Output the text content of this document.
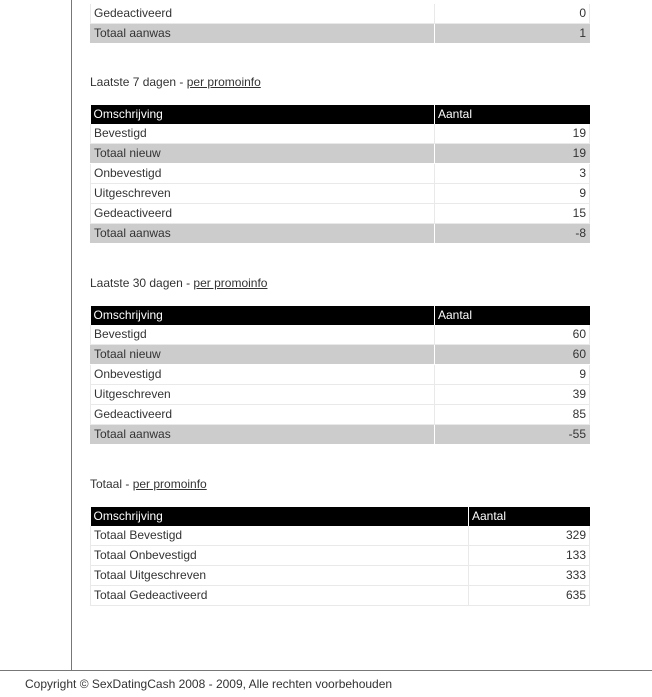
Gedeactiveerd	0
Totaal aanwas	1
Laatste 7 dagen - per promoinfo
Omschrijving	Aantal
Bevestigd	19
Totaal nieuw	19
Onbevestigd	3
Uitgeschreven	9
Gedeactiveerd	15
Totaal aanwas	-8
Laatste 30 dagen - per promoinfo
Omschrijving	Aantal
Bevestigd	60
Totaal nieuw	60
Onbevestigd	9
Uitgeschreven	39
Gedeactiveerd	85
Totaal aanwas	-55
Totaal - per promoinfo
Omschrijving	Aantal
Totaal Bevestigd	329
Totaal Onbevestigd	133
Totaal Uitgeschreven	333
Totaal Gedeactiveerd	635
Copyright © SexDatingCash 2008 - 2009, Alle rechten voorbehouden
